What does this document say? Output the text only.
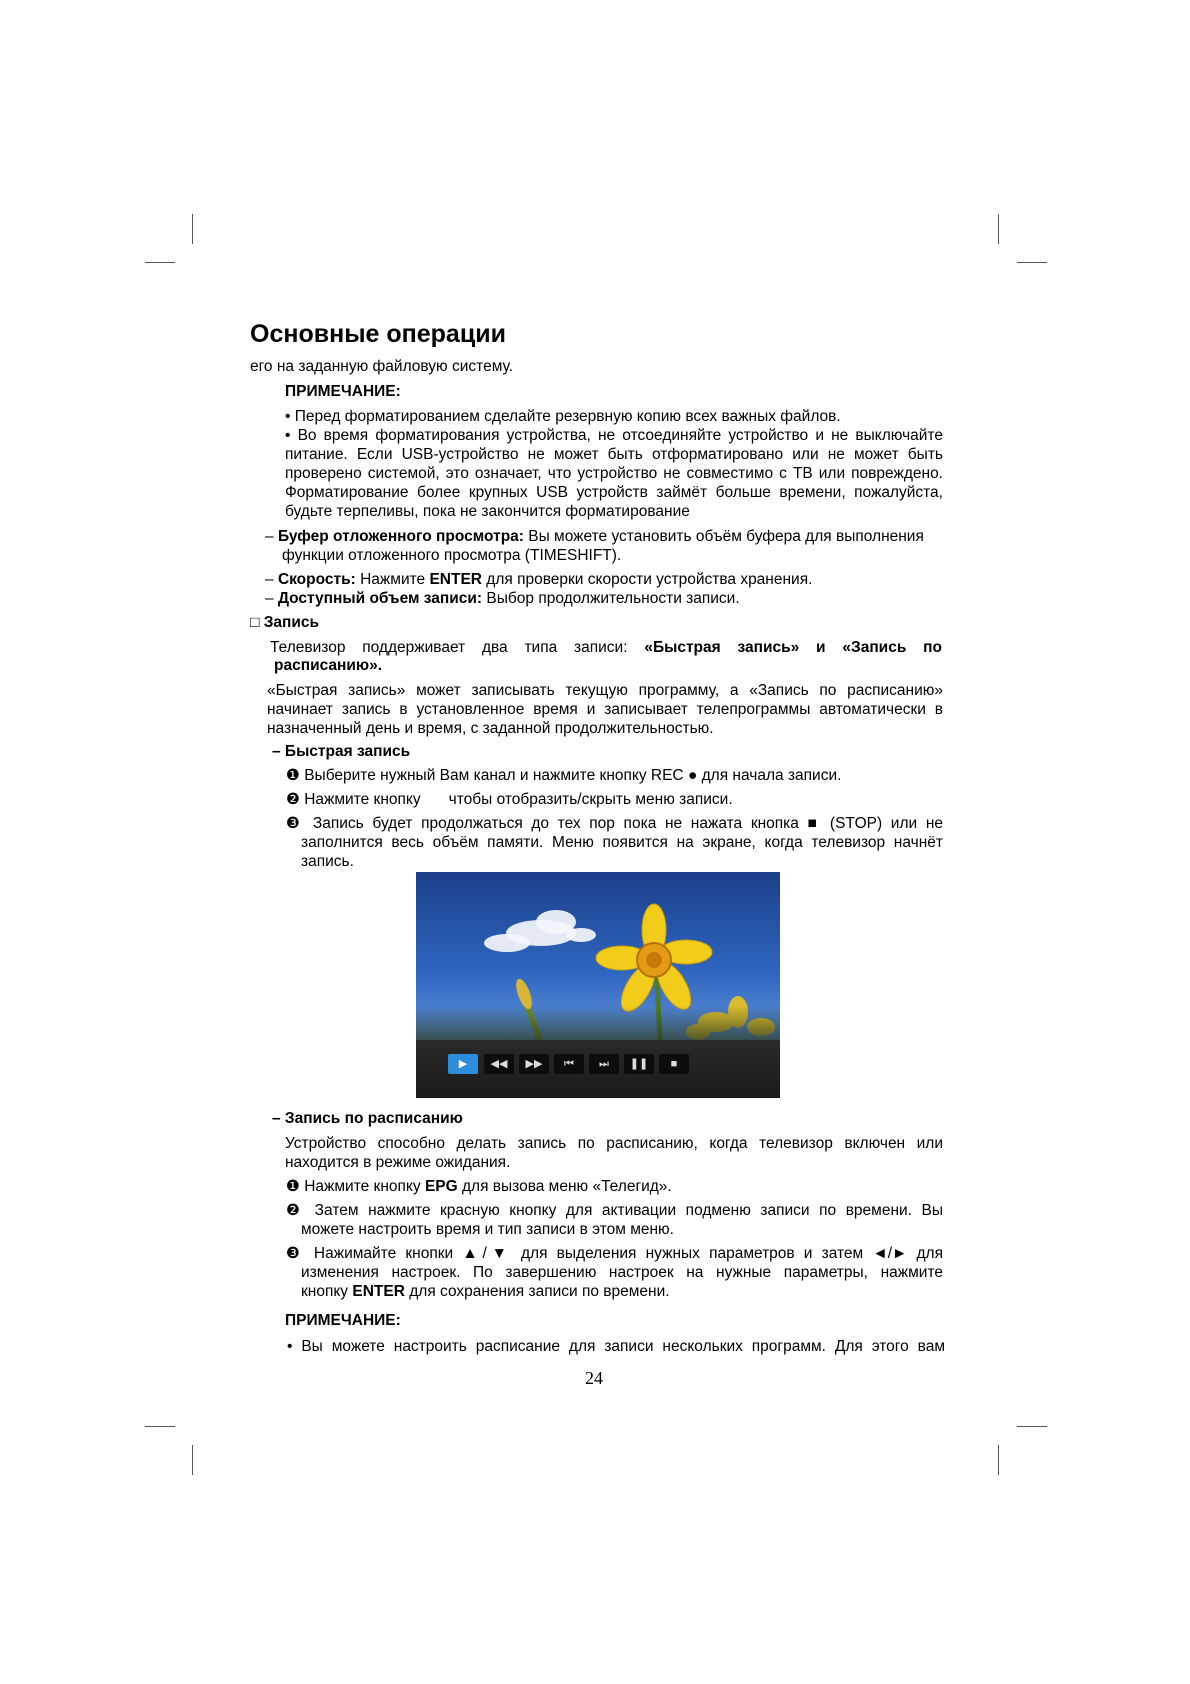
Основные операции
его на заданную файловую систему.
ПРИМЕЧАНИЕ:
• Перед форматированием сделайте резервную копию всех важных файлов.
• Во время форматирования устройства, не отсоединяйте устройство и не выключайте
питание. Если USB-устройство не может быть отформатировано или не может быть
проверено системой, это означает, что устройство не совместимо с ТВ или повреждено.
Форматирование более крупных USB устройств займёт больше времени, пожалуйста,
будьте терпеливы, пока не закончится форматирование
– Буфер отложенного просмотра: Вы можете установить объём буфера для выполнения
функции отложенного просмотра (TIMESHIFT).
– Скорость: Нажмите ENTER для проверки скорости устройства хранения.
– Доступный объем записи: Выбор продолжительности записи.
□ Запись
Телевизор поддерживает два типа записи: «Быстрая запись» и «Запись по
расписанию».
«Быстрая запись» может записывать текущую программу, а «Запись по расписанию»
начинает запись в установленное время и записывает телепрограммы автоматически в
назначенный день и время, с заданной продолжительностью.
– Быстрая запись
❶ Выберите нужный Вам канал и нажмите кнопку REC ● для начала записи.
❷ Нажмите кнопку чтобы отобразить/скрыть меню записи.
❸ Запись будет продолжаться до тех пор пока не нажата кнопка ■ (STOP) или не
заполнится весь объём памяти. Меню появится на экране, когда телевизор начнёт
запись.
▶	◀◀	▶▶	⏮	⏭	❚❚	■
– Запись по расписанию
Устройство способно делать запись по расписанию, когда телевизор включен или
находится в режиме ожидания.
❶ Нажмите кнопку EPG для вызова меню «Телегид».
❷ Затем нажмите красную кнопку для активации подменю записи по времени. Вы
можете настроить время и тип записи в этом меню.
❸ Нажимайте кнопки ▲/▼ для выделения нужных параметров и затем ◄/► для
изменения настроек. По завершению настроек на нужные параметры, нажмите
кнопку ENTER для сохранения записи по времени.
ПРИМЕЧАНИЕ:
• Вы можете настроить расписание для записи нескольких программ. Для этого вам
24
